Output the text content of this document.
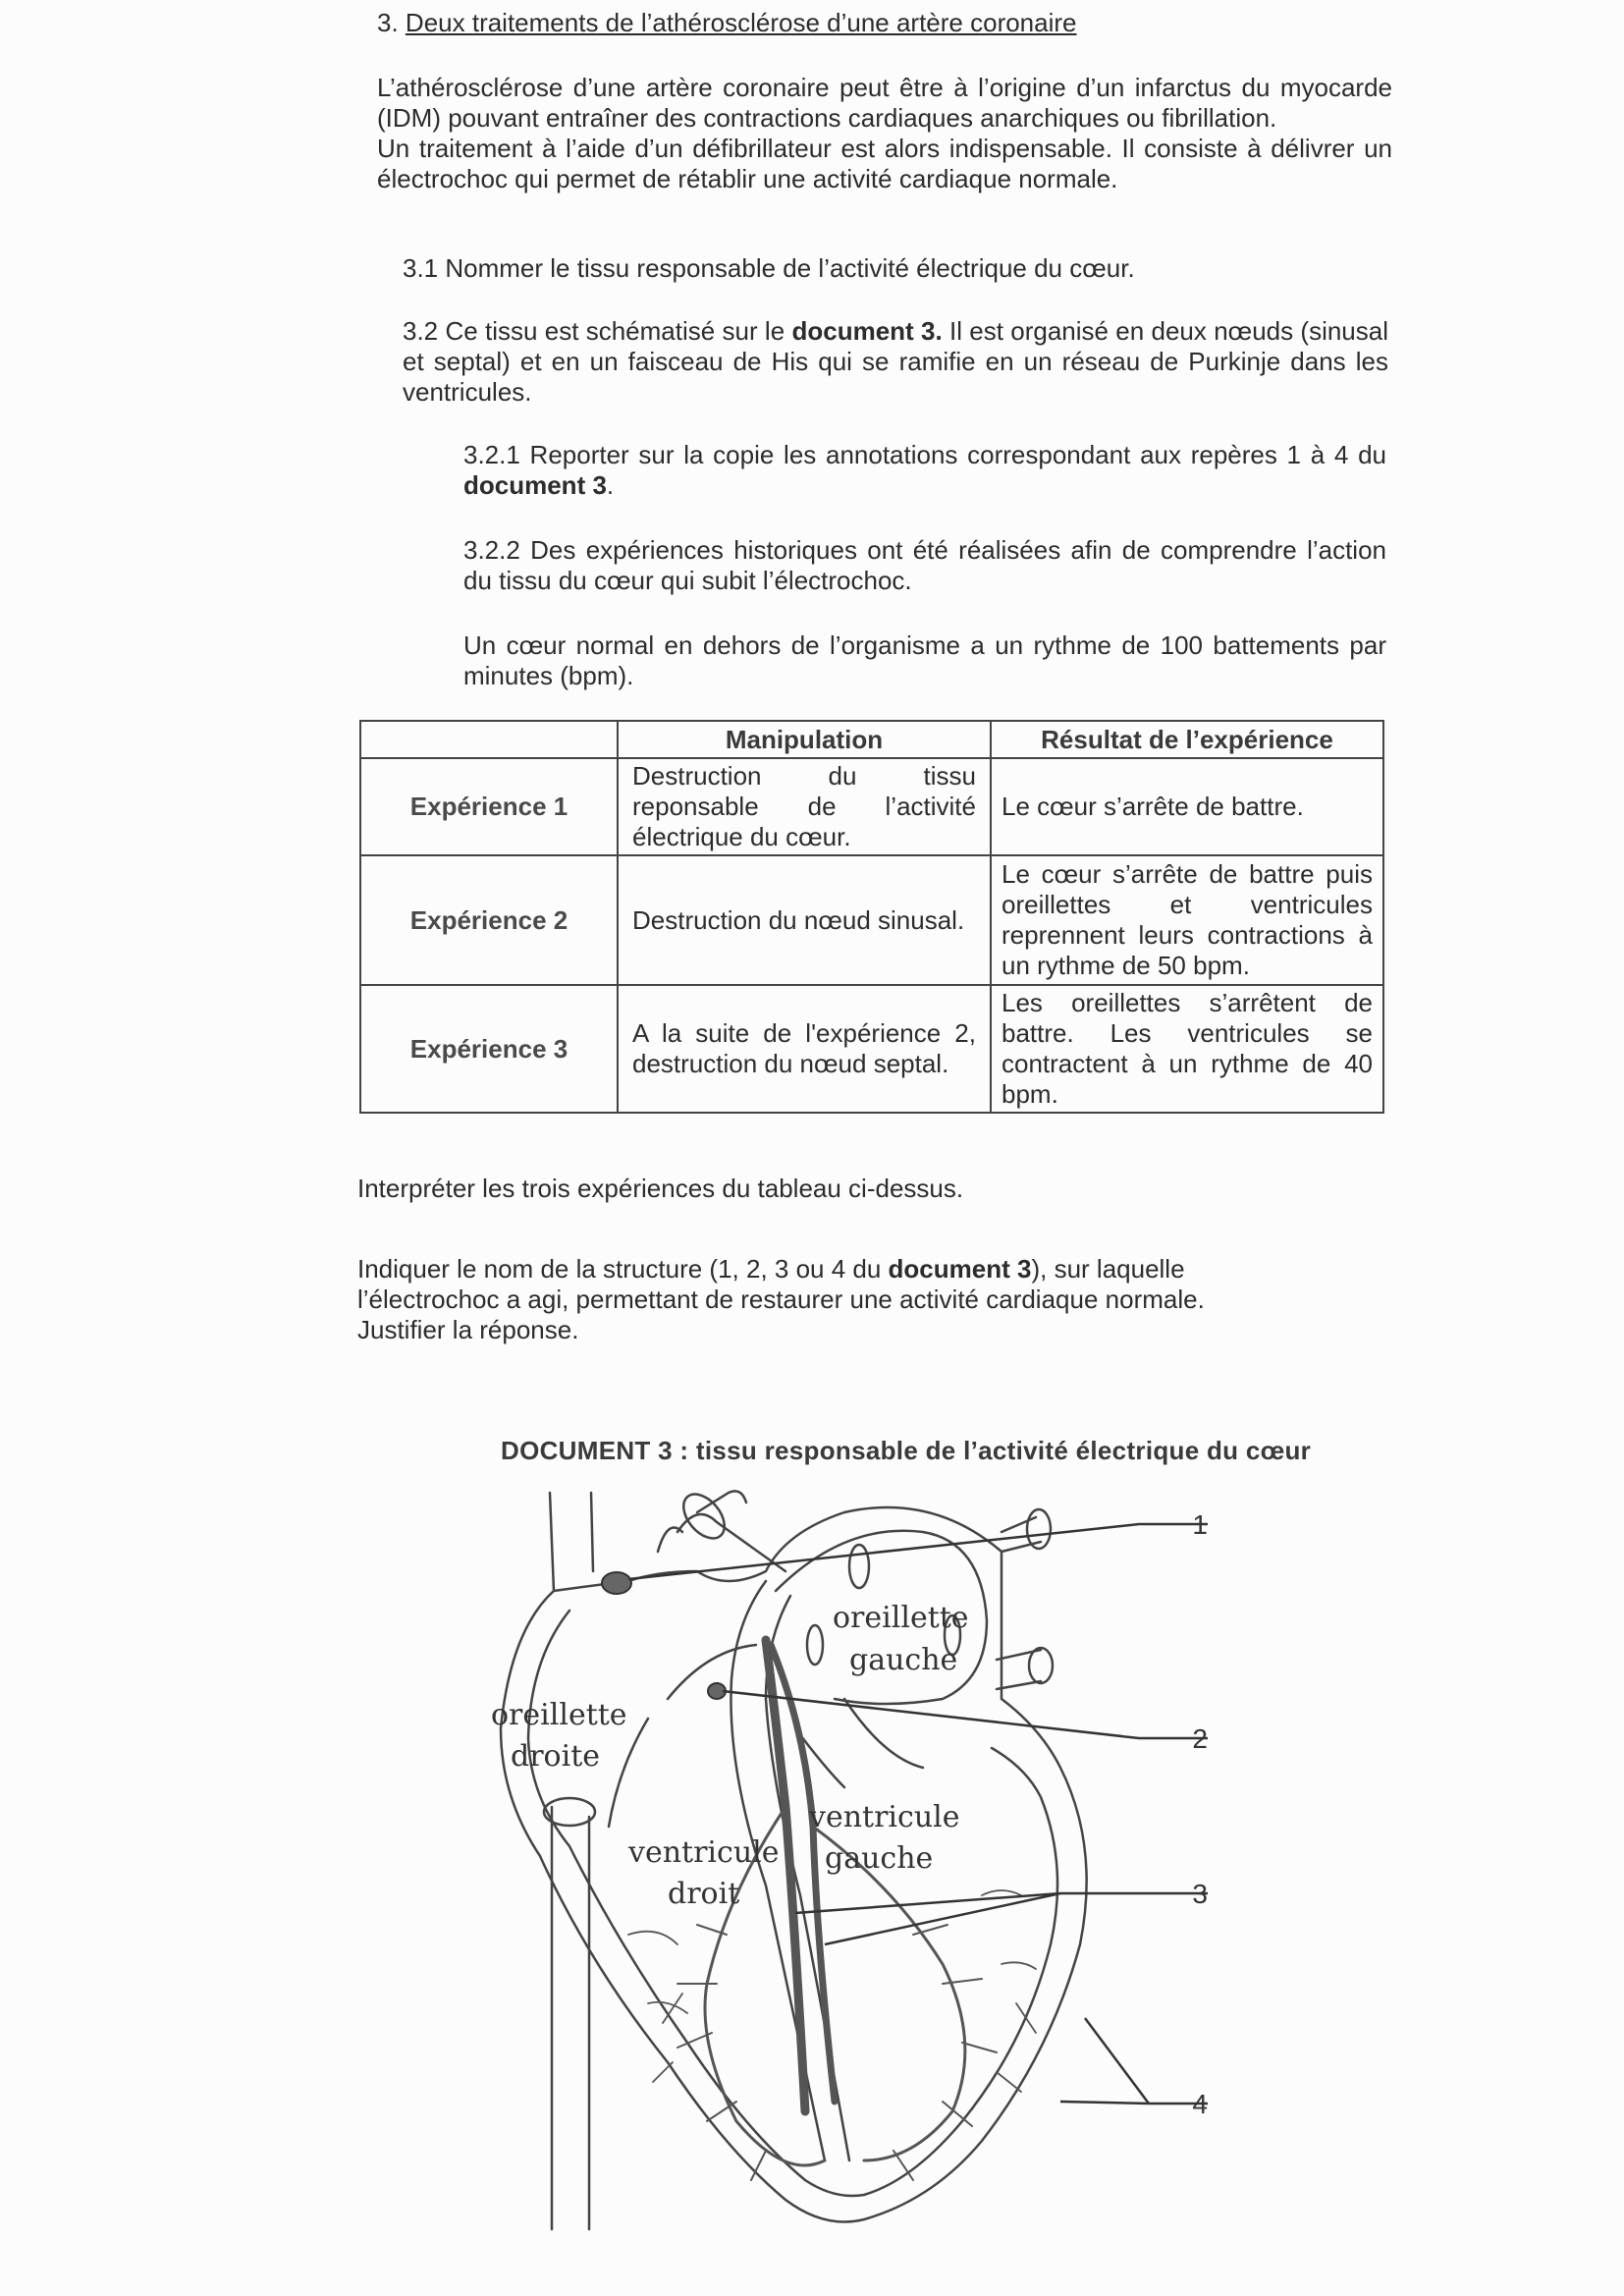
3. Deux traitements de l’athérosclérose d’une artère coronaire

L’athérosclérose d’une artère coronaire peut être à l’origine d’un infarctus du myocarde (IDM) pouvant entraîner des contractions cardiaques anarchiques ou fibrillation.

Un traitement à l’aide d’un défibrillateur est alors indispensable. Il consiste à délivrer un électrochoc qui permet de rétablir une activité cardiaque normale.

3.1 Nommer le tissu responsable de l’activité électrique du cœur.

3.2 Ce tissu est schématisé sur le document 3. Il est organisé en deux nœuds (sinusal et septal) et en un faisceau de His qui se ramifie en un réseau de Purkinje dans les ventricules.

3.2.1 Reporter sur la copie les annotations correspondant aux repères 1 à 4 du document 3.

3.2.2 Des expériences historiques ont été réalisées afin de comprendre l’action du tissu du cœur qui subit l’électrochoc.

Un cœur normal en dehors de l’organisme a un rythme de 100 battements par minutes (bpm).

	Manipulation	Résultat de l’expérience
Expérience 1	Destruction du tissu reponsable de l’activité électrique du cœur.	Le cœur s’arrête de battre.
Expérience 2	Destruction du nœud sinusal.	Le cœur s’arrête de battre puis oreillettes et ventricules reprennent leurs contractions à un rythme de 50 bpm.
Expérience 3	A la suite de l'expérience 2, destruction du nœud septal.	Les oreillettes s’arrêtent de battre. Les ventricules se contractent à un rythme de 40 bpm.

Interpréter les trois expériences du tableau ci-dessus.

Indiquer le nom de la structure (1, 2, 3 ou 4 du document 3), sur laquelle l’électrochoc a agi, permettant de restaurer une activité cardiaque normale.

Justifier la réponse.

DOCUMENT 3 : tissu responsable de l’activité électrique du cœur
oreillette
gauche
oreillette
droite
ventricule
gauche
ventricule
droit
1
2
3
4
